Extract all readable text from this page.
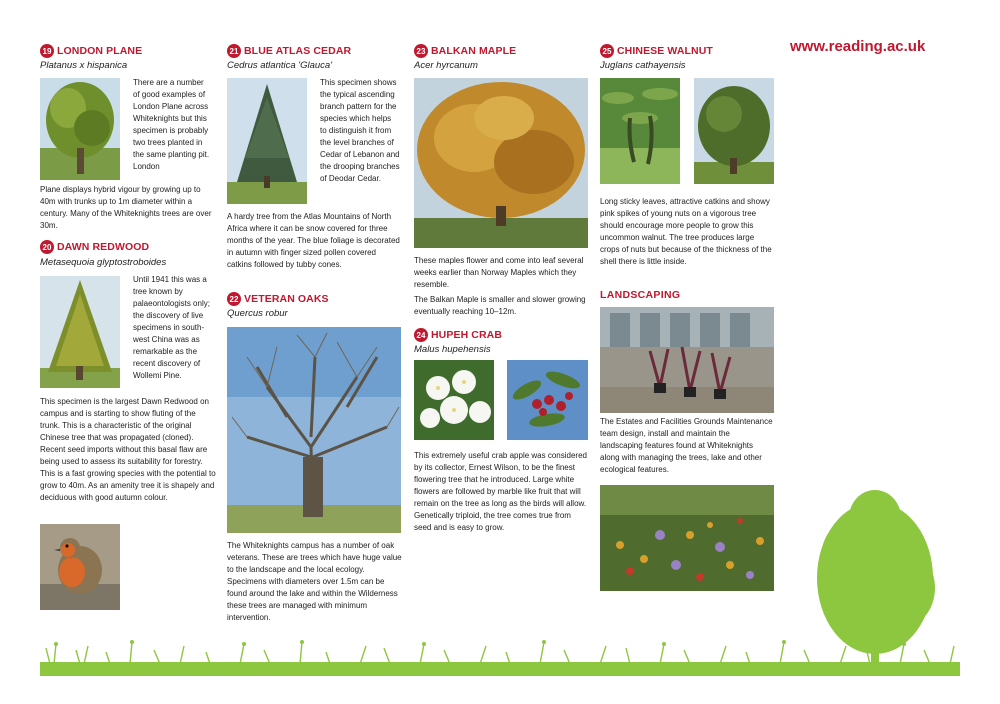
www.reading.ac.uk
19 LONDON PLANE
Platanus x hispanica
There are a number of good examples of London Plane across Whiteknights but this specimen is probably two trees planted in the same planting pit. London
Plane displays hybrid vigour by growing up to 40m with trunks up to 1m diameter within a century. Many of the Whiteknights trees are over 30m.
20 DAWN REDWOOD
Metasequoia glyptostroboides
Until 1941 this was a tree known by palaeontologists only; the discovery of live specimens in south-west China was as remarkable as the recent discovery of Wollemi Pine.
This specimen is the largest Dawn Redwood on campus and is starting to show fluting of the trunk. This is a characteristic of the original Chinese tree that was propagated (cloned). Recent seed imports without this basal flaw are being used to assess its suitability for forestry. This is a fast growing species with the potential to grow to 40m. As an amenity tree it is shapely and deciduous with good autumn colour.
21 BLUE ATLAS CEDAR
Cedrus atlantica 'Glauca'
This specimen shows the typical ascending branch pattern for the species which helps to distinguish it from the level branches of Cedar of Lebanon and the drooping branches of Deodar Cedar.
A hardy tree from the Atlas Mountains of North Africa where it can be snow covered for three months of the year. The blue foliage is decorated in autumn with finger sized pollen covered catkins followed by tubby cones.
22 VETERAN OAKS
Quercus robur
The Whiteknights campus has a number of oak veterans. These are trees which have huge value to the landscape and the local ecology. Specimens with diameters over 1.5m can be found around the lake and within the Wilderness these trees are managed with minimum intervention.
23 BALKAN MAPLE
Acer hyrcanum
These maples flower and come into leaf several weeks earlier than Norway Maples which they resemble.
The Balkan Maple is smaller and slower growing eventually reaching 10–12m.
24 HUPEH CRAB
Malus hupehensis
This extremely useful crab apple was considered by its collector, Ernest Wilson, to be the finest flowering tree that he introduced. Large white flowers are followed by marble like fruit that will remain on the tree as long as the birds will allow. Genetically triploid, the tree comes true from seed and is easy to grow.
25 CHINESE WALNUT
Juglans cathayensis
Long sticky leaves, attractive catkins and showy pink spikes of young nuts on a vigorous tree should encourage more people to grow this uncommon walnut. The tree produces large crops of nuts but because of the thickness of the shell there is little inside.
LANDSCAPING
The Estates and Facilities Grounds Maintenance team design, install and maintain the landscaping features found at Whiteknights along with managing the trees, lake and other ecological features.
